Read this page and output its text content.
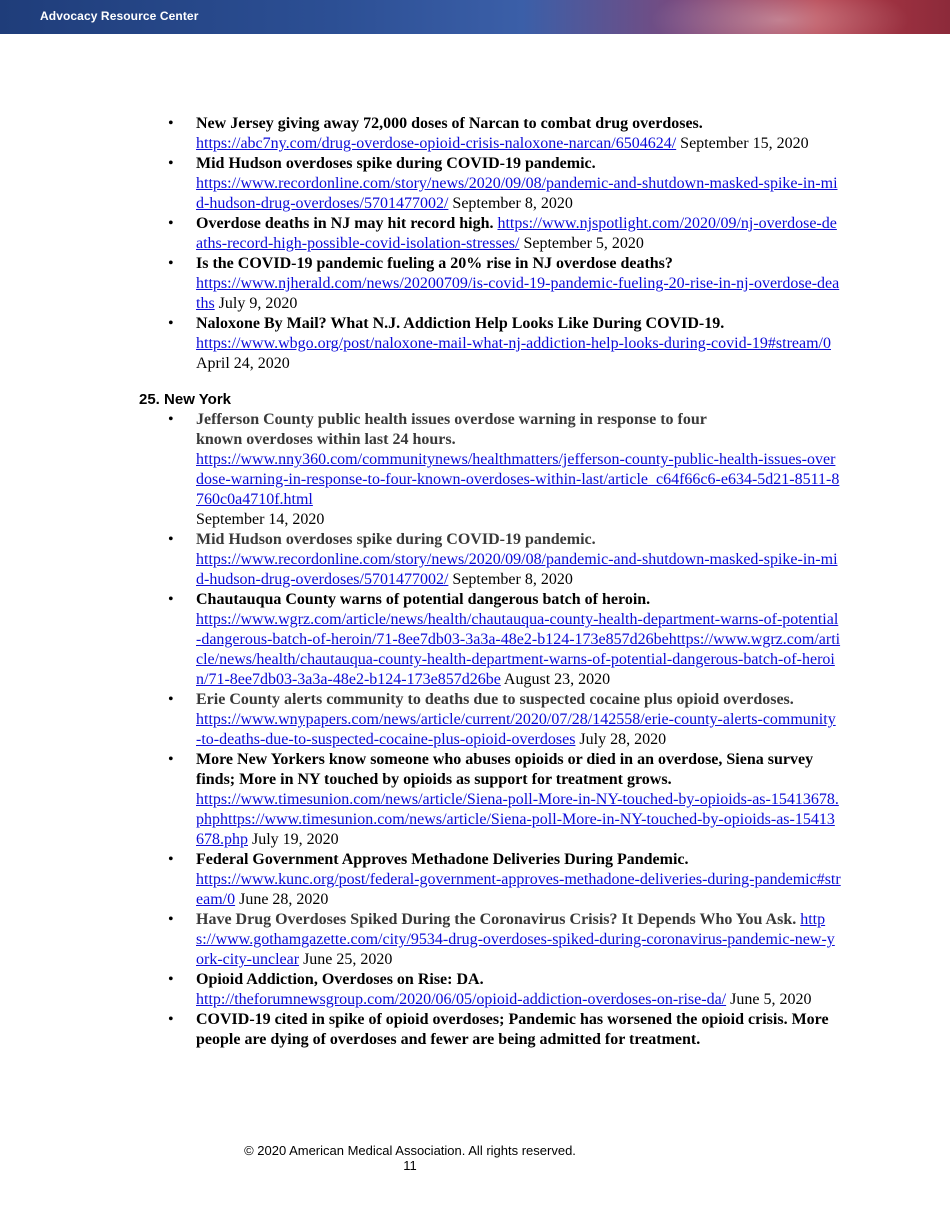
Advocacy Resource Center
• New Jersey giving away 72,000 doses of Narcan to combat drug overdoses.
https://abc7ny.com/drug-overdose-opioid-crisis-naloxone-narcan/6504624/ September 15, 2020
• Mid Hudson overdoses spike during COVID-19 pandemic.
https://www.recordonline.com/story/news/2020/09/08/pandemic-and-shutdown-masked-spike-in-mid-hudson-drug-overdoses/5701477002/ September 8, 2020
• Overdose deaths in NJ may hit record high. https://www.njspotlight.com/2020/09/nj-overdose-deaths-record-high-possible-covid-isolation-stresses/ September 5, 2020
• Is the COVID-19 pandemic fueling a 20% rise in NJ overdose deaths?
https://www.njherald.com/news/20200709/is-covid-19-pandemic-fueling-20-rise-in-nj-overdose-deaths July 9, 2020
• Naloxone By Mail? What N.J. Addiction Help Looks Like During COVID-19.
https://www.wbgo.org/post/naloxone-mail-what-nj-addiction-help-looks-during-covid-19#stream/0 April 24, 2020
25. New York
• Jefferson County public health issues overdose warning in response to four known overdoses within last 24 hours.
https://www.nny360.com/communitynews/healthmatters/jefferson-county-public-health-issues-overdose-warning-in-response-to-four-known-overdoses-within-last/article_c64f66c6-e634-5d21-8511-8760c0a4710f.html
September 14, 2020
• Mid Hudson overdoses spike during COVID-19 pandemic.
https://www.recordonline.com/story/news/2020/09/08/pandemic-and-shutdown-masked-spike-in-mid-hudson-drug-overdoses/5701477002/ September 8, 2020
• Chautauqua County warns of potential dangerous batch of heroin.
https://www.wgrz.com/article/news/health/chautauqua-county-health-department-warns-of-potential-dangerous-batch-of-heroin/71-8ee7db03-3a3a-48e2-b124-173e857d26behttps://www.wgrz.com/article/news/health/chautauqua-county-health-department-warns-of-potential-dangerous-batch-of-heroin/71-8ee7db03-3a3a-48e2-b124-173e857d26be August 23, 2020
• Erie County alerts community to deaths due to suspected cocaine plus opioid overdoses.
https://www.wnypapers.com/news/article/current/2020/07/28/142558/erie-county-alerts-community-to-deaths-due-to-suspected-cocaine-plus-opioid-overdoses July 28, 2020
• More New Yorkers know someone who abuses opioids or died in an overdose, Siena survey finds; More in NY touched by opioids as support for treatment grows.
https://www.timesunion.com/news/article/Siena-poll-More-in-NY-touched-by-opioids-as-15413678.phphttps://www.timesunion.com/news/article/Siena-poll-More-in-NY-touched-by-opioids-as-15413678.php July 19, 2020
• Federal Government Approves Methadone Deliveries During Pandemic.
https://www.kunc.org/post/federal-government-approves-methadone-deliveries-during-pandemic#stream/0 June 28, 2020
• Have Drug Overdoses Spiked During the Coronavirus Crisis? It Depends Who You Ask. https://www.gothamgazette.com/city/9534-drug-overdoses-spiked-during-coronavirus-pandemic-new-york-city-unclear June 25, 2020
• Opioid Addiction, Overdoses on Rise: DA.
http://theforumnewsgroup.com/2020/06/05/opioid-addiction-overdoses-on-rise-da/ June 5, 2020
• COVID-19 cited in spike of opioid overdoses; Pandemic has worsened the opioid crisis. More people are dying of overdoses and fewer are being admitted for treatment.
© 2020 American Medical Association. All rights reserved.
11
